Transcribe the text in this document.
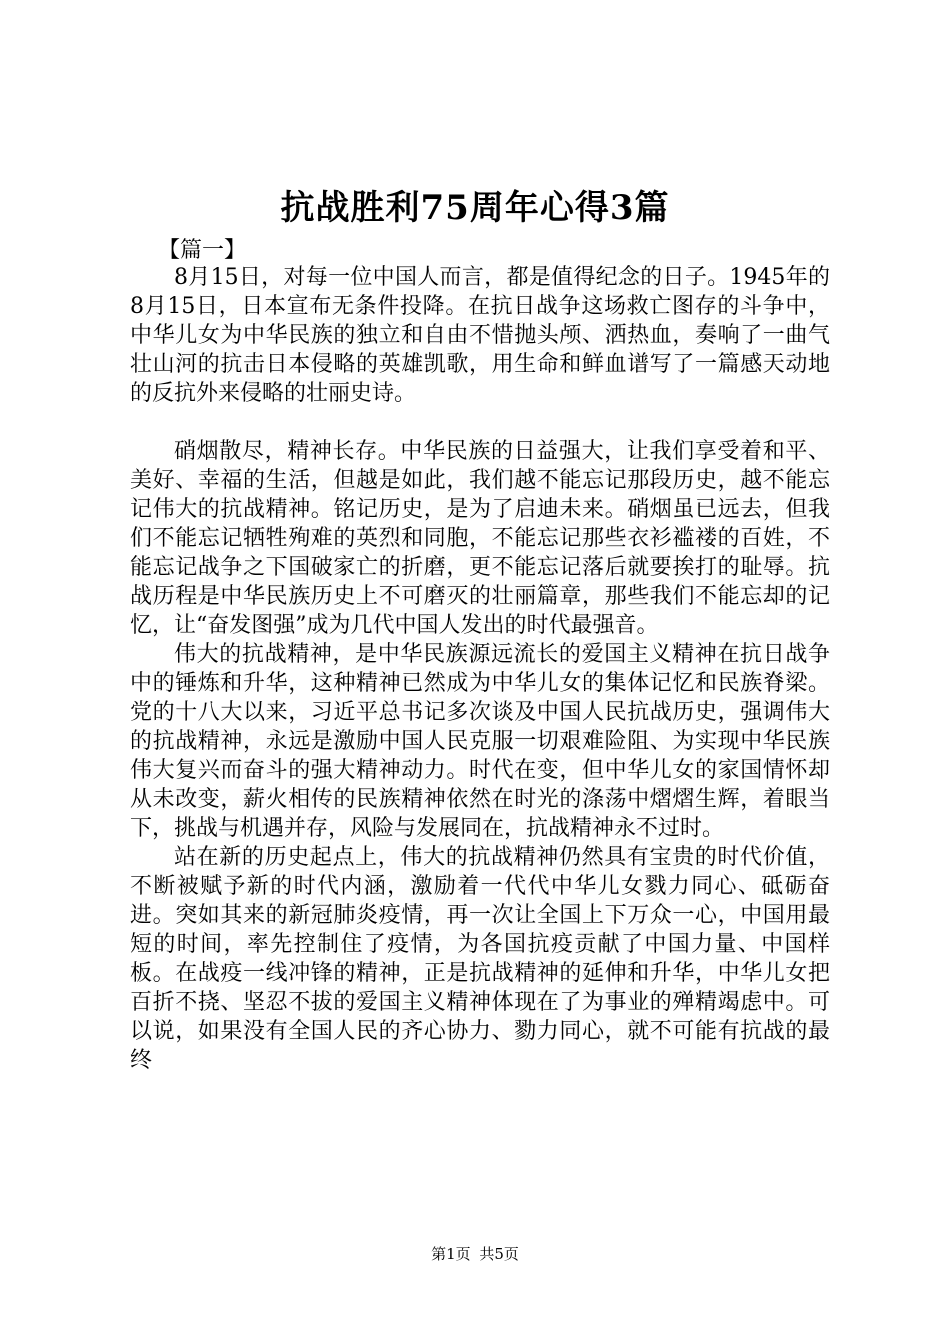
抗战胜利75周年心得3篇
【篇一】

8月15日，对每一位中国人而言，都是值得纪念的日子。1945年的8月15日，日本宣布无条件投降。在抗日战争这场救亡图存的斗争中，中华儿女为中华民族的独立和自由不惜抛头颅、洒热血，奏响了一曲气壮山河的抗击日本侵略的英雄凯歌，用生命和鲜血谱写了一篇感天动地的反抗外来侵略的壮丽史诗。

硝烟散尽，精神长存。中华民族的日益强大，让我们享受着和平、美好、幸福的生活，但越是如此，我们越不能忘记那段历史，越不能忘记伟大的抗战精神。铭记历史，是为了启迪未来。硝烟虽已远去，但我们不能忘记牺牲殉难的英烈和同胞，不能忘记那些衣衫褴褛的百姓，不能忘记战争之下国破家亡的折磨，更不能忘记落后就要挨打的耻辱。抗战历程是中华民族历史上不可磨灭的壮丽篇章，那些我们不能忘却的记忆，让“奋发图强”成为几代中国人发出的时代最强音。

伟大的抗战精神，是中华民族源远流长的爱国主义精神在抗日战争中的锤炼和升华，这种精神已然成为中华儿女的集体记忆和民族脊梁。党的十八大以来，习近平总书记多次谈及中国人民抗战历史，强调伟大的抗战精神，永远是激励中国人民克服一切艰难险阻、为实现中华民族伟大复兴而奋斗的强大精神动力。时代在变，但中华儿女的家国情怀却从未改变，薪火相传的民族精神依然在时光的涤荡中熠熠生辉，着眼当下，挑战与机遇并存，风险与发展同在，抗战精神永不过时。

站在新的历史起点上，伟大的抗战精神仍然具有宝贵的时代价值，不断被赋予新的时代内涵，激励着一代代中华儿女戮力同心、砥砺奋进。突如其来的新冠肺炎疫情，再一次让全国上下万众一心，中国用最短的时间，率先控制住了疫情，为各国抗疫贡献了中国力量、中国样板。在战疫一线冲锋的精神，正是抗战精神的延伸和升华，中华儿女把百折不挠、坚忍不拔的爱国主义精神体现在了为事业的殚精竭虑中。可以说，如果没有全国人民的齐心协力、勠力同心，就不可能有抗战的最终

第1页 共5页
